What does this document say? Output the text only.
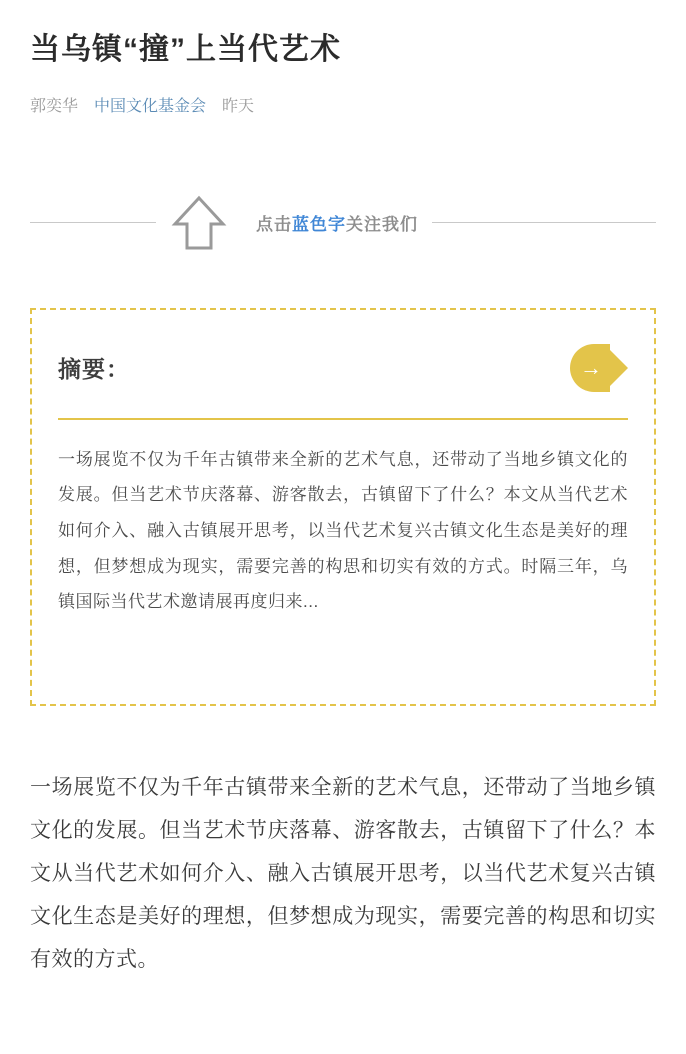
当乌镇“撞”上当代艺术
郭奕华 中国文化基金会 昨天
点击蓝色字关注我们
摘要：	→
一场展览不仅为千年古镇带来全新的艺术气息，还带动了当地乡镇文化的发展。但当艺术节庆落幕、游客散去，古镇留下了什么？本文从当代艺术如何介入、融入古镇展开思考，以当代艺术复兴古镇文化生态是美好的理想，但梦想成为现实，需要完善的构思和切实有效的方式。时隔三年，乌镇国际当代艺术邀请展再度归来...
一场展览不仅为千年古镇带来全新的艺术气息，还带动了当地乡镇文化的发展。但当艺术节庆落幕、游客散去，古镇留下了什么？本文从当代艺术如何介入、融入古镇展开思考，以当代艺术复兴古镇文化生态是美好的理想，但梦想成为现实，需要完善的构思和切实有效的方式。
